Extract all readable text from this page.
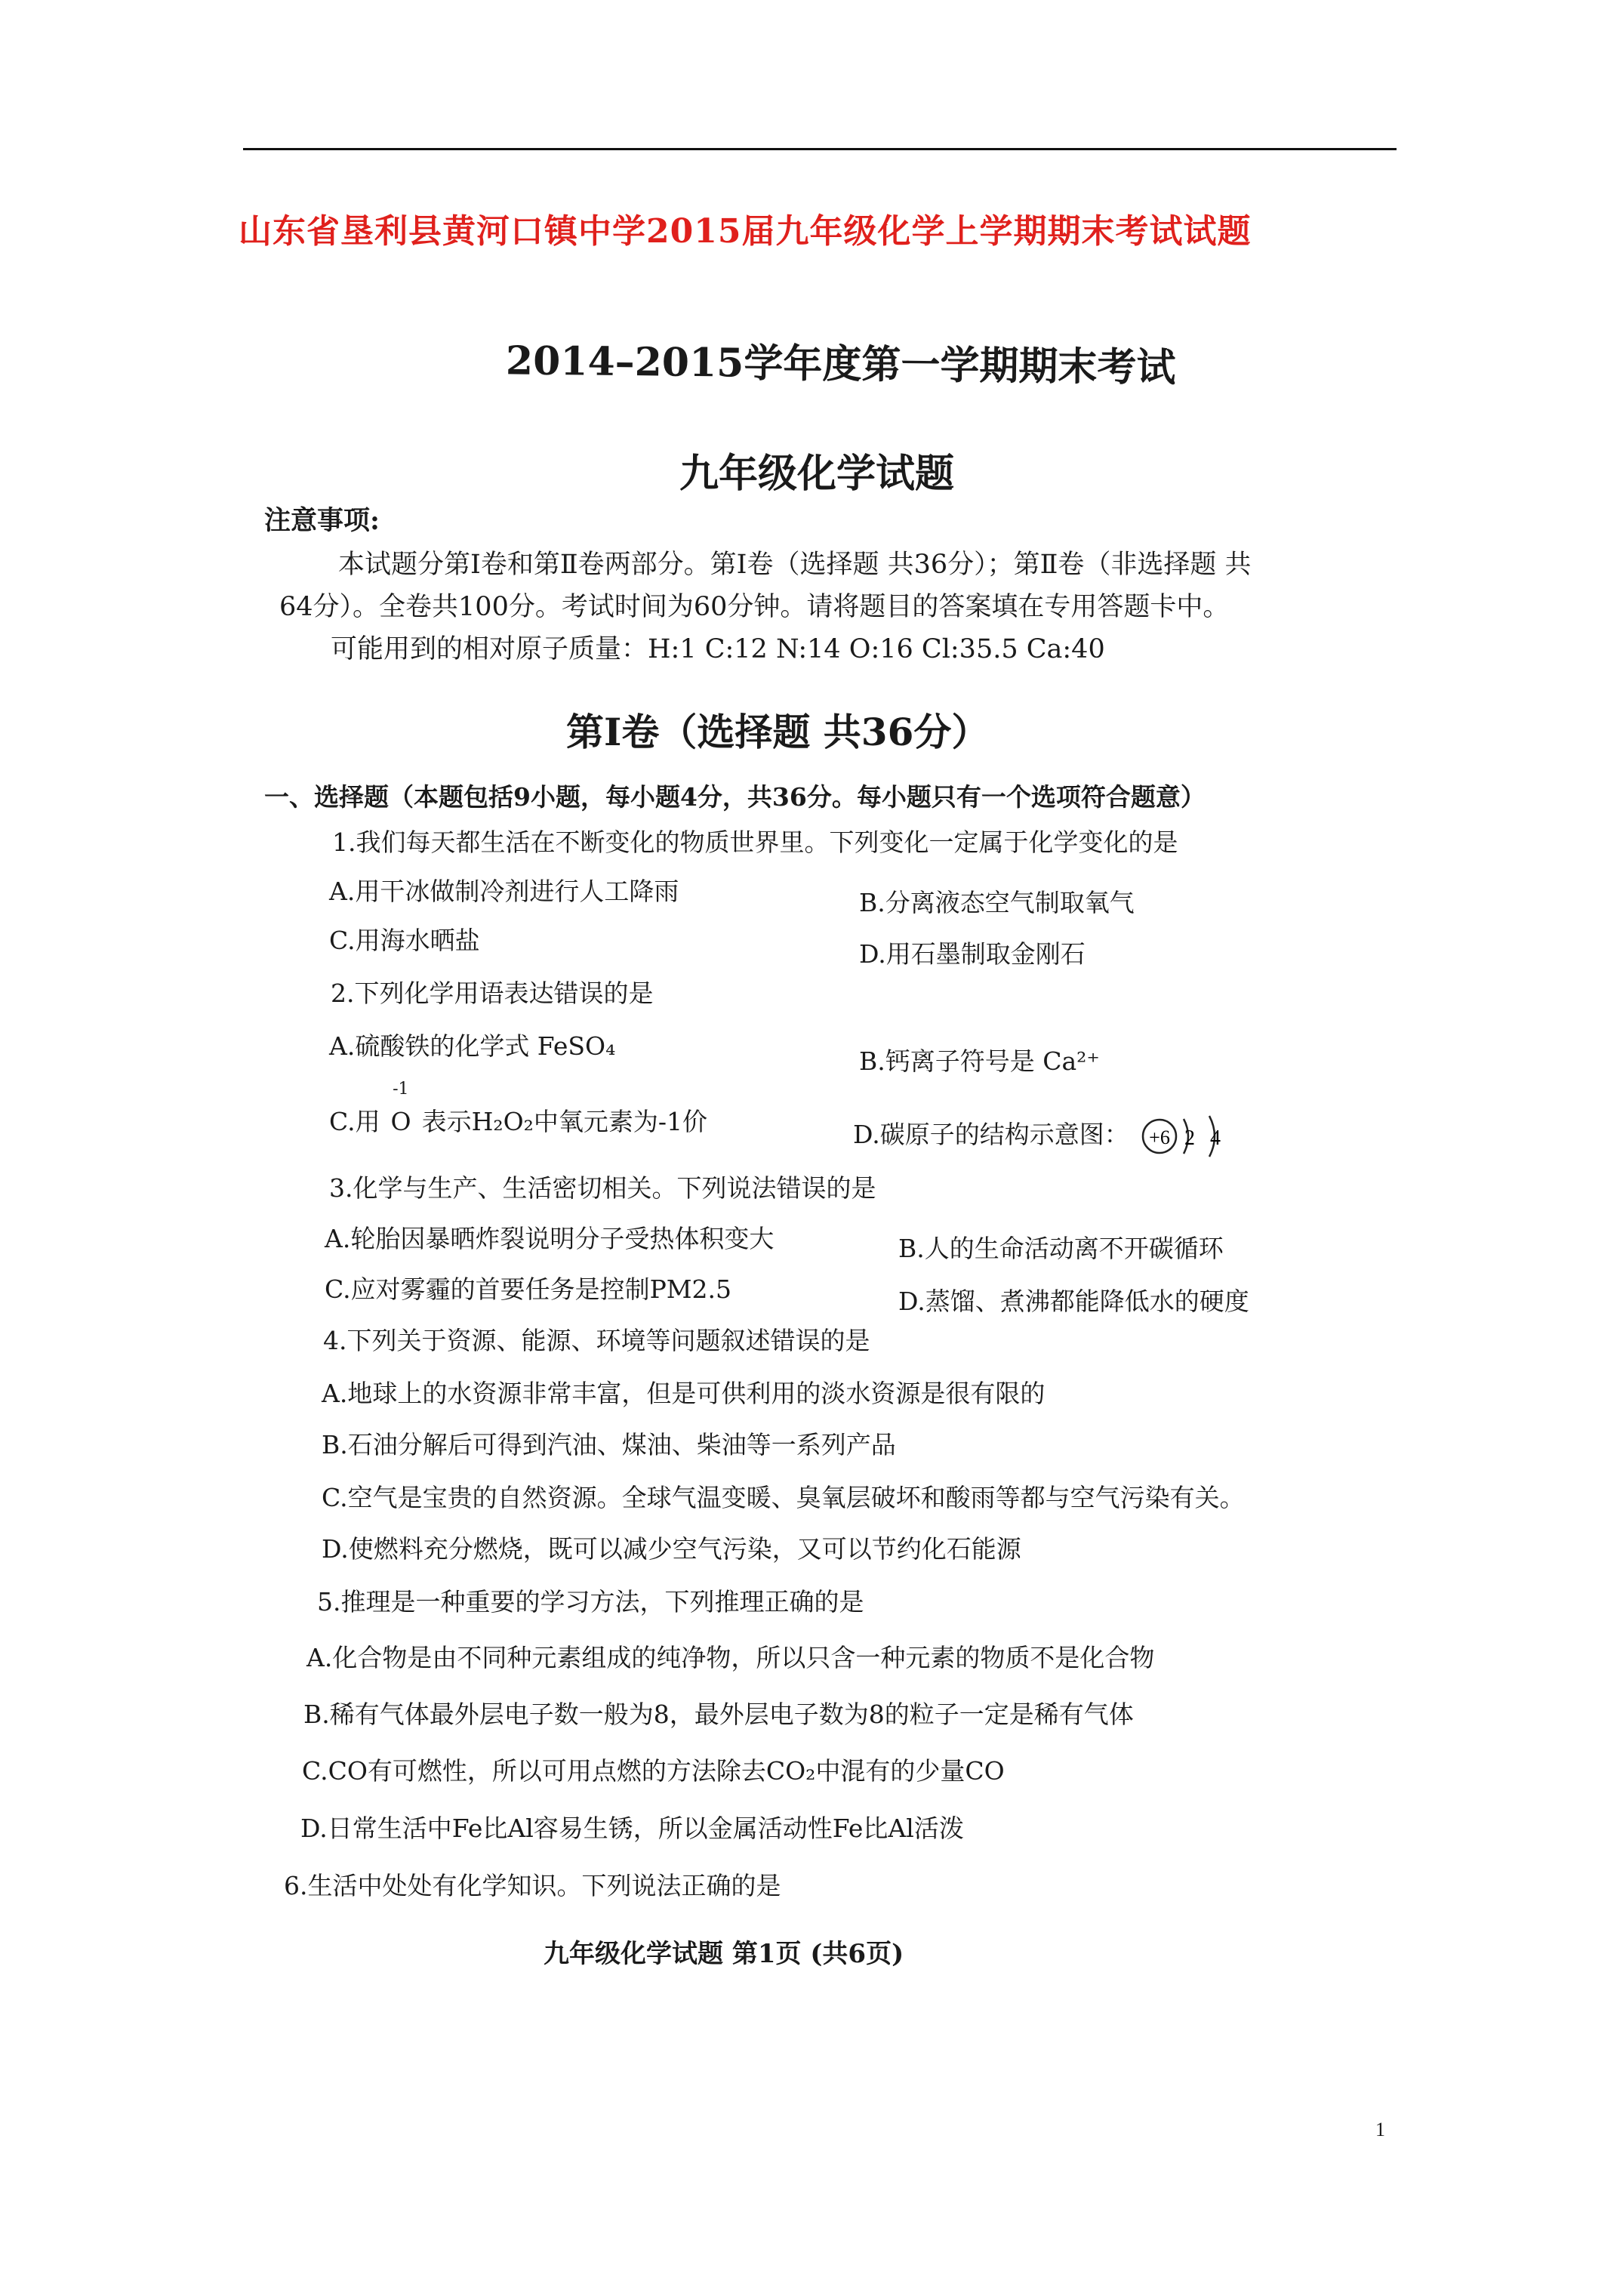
山东省垦利县黄河口镇中学2015届九年级化学上学期期末考试试题
2014–2015学年度第一学期期末考试
九年级化学试题
注意事项:
本试题分第Ⅰ卷和第Ⅱ卷两部分。第Ⅰ卷（选择题 共36分）；第Ⅱ卷（非选择题 共
64分）。全卷共100分。考试时间为60分钟。请将题目的答案填在专用答题卡中。
可能用到的相对原子质量：H:1 C:12 N:14 O:16 Cl:35.5 Ca:40
第Ⅰ卷（选择题 共36分）
一、选择题（本题包括9小题，每小题4分，共36分。每小题只有一个选项符合题意）
1.我们每天都生活在不断变化的物质世界里。下列变化一定属于化学变化的是
A.用干冰做制冷剂进行人工降雨	B.分离液态空气制取氧气
C.用海水晒盐	D.用石墨制取金刚石
2.下列化学用语表达错误的是
A.硫酸铁的化学式 FeSO₄
B.钙离子符号是 Ca²⁺
C.用
-1
O 表示H₂O₂中氧元素为-1价	D.碳原子的结构示意图： +6 2 4
3.化学与生产、生活密切相关。下列说法错误的是
A.轮胎因暴晒炸裂说明分子受热体积变大	B.人的生命活动离不开碳循环
C.应对雾霾的首要任务是控制PM2.5	D.蒸馏、煮沸都能降低水的硬度
4.下列关于资源、能源、环境等问题叙述错误的是
A.地球上的水资源非常丰富，但是可供利用的淡水资源是很有限的
B.石油分解后可得到汽油、煤油、柴油等一系列产品
C.空气是宝贵的自然资源。全球气温变暖、臭氧层破坏和酸雨等都与空气污染有关。
D.使燃料充分燃烧，既可以减少空气污染，又可以节约化石能源
5.推理是一种重要的学习方法，下列推理正确的是
A.化合物是由不同种元素组成的纯净物，所以只含一种元素的物质不是化合物
B.稀有气体最外层电子数一般为8，最外层电子数为8的粒子一定是稀有气体
C.CO有可燃性，所以可用点燃的方法除去CO₂中混有的少量CO
D.日常生活中Fe比Al容易生锈，所以金属活动性Fe比Al活泼
6.生活中处处有化学知识。下列说法正确的是
九年级化学试题 第1页 (共6页)
1
